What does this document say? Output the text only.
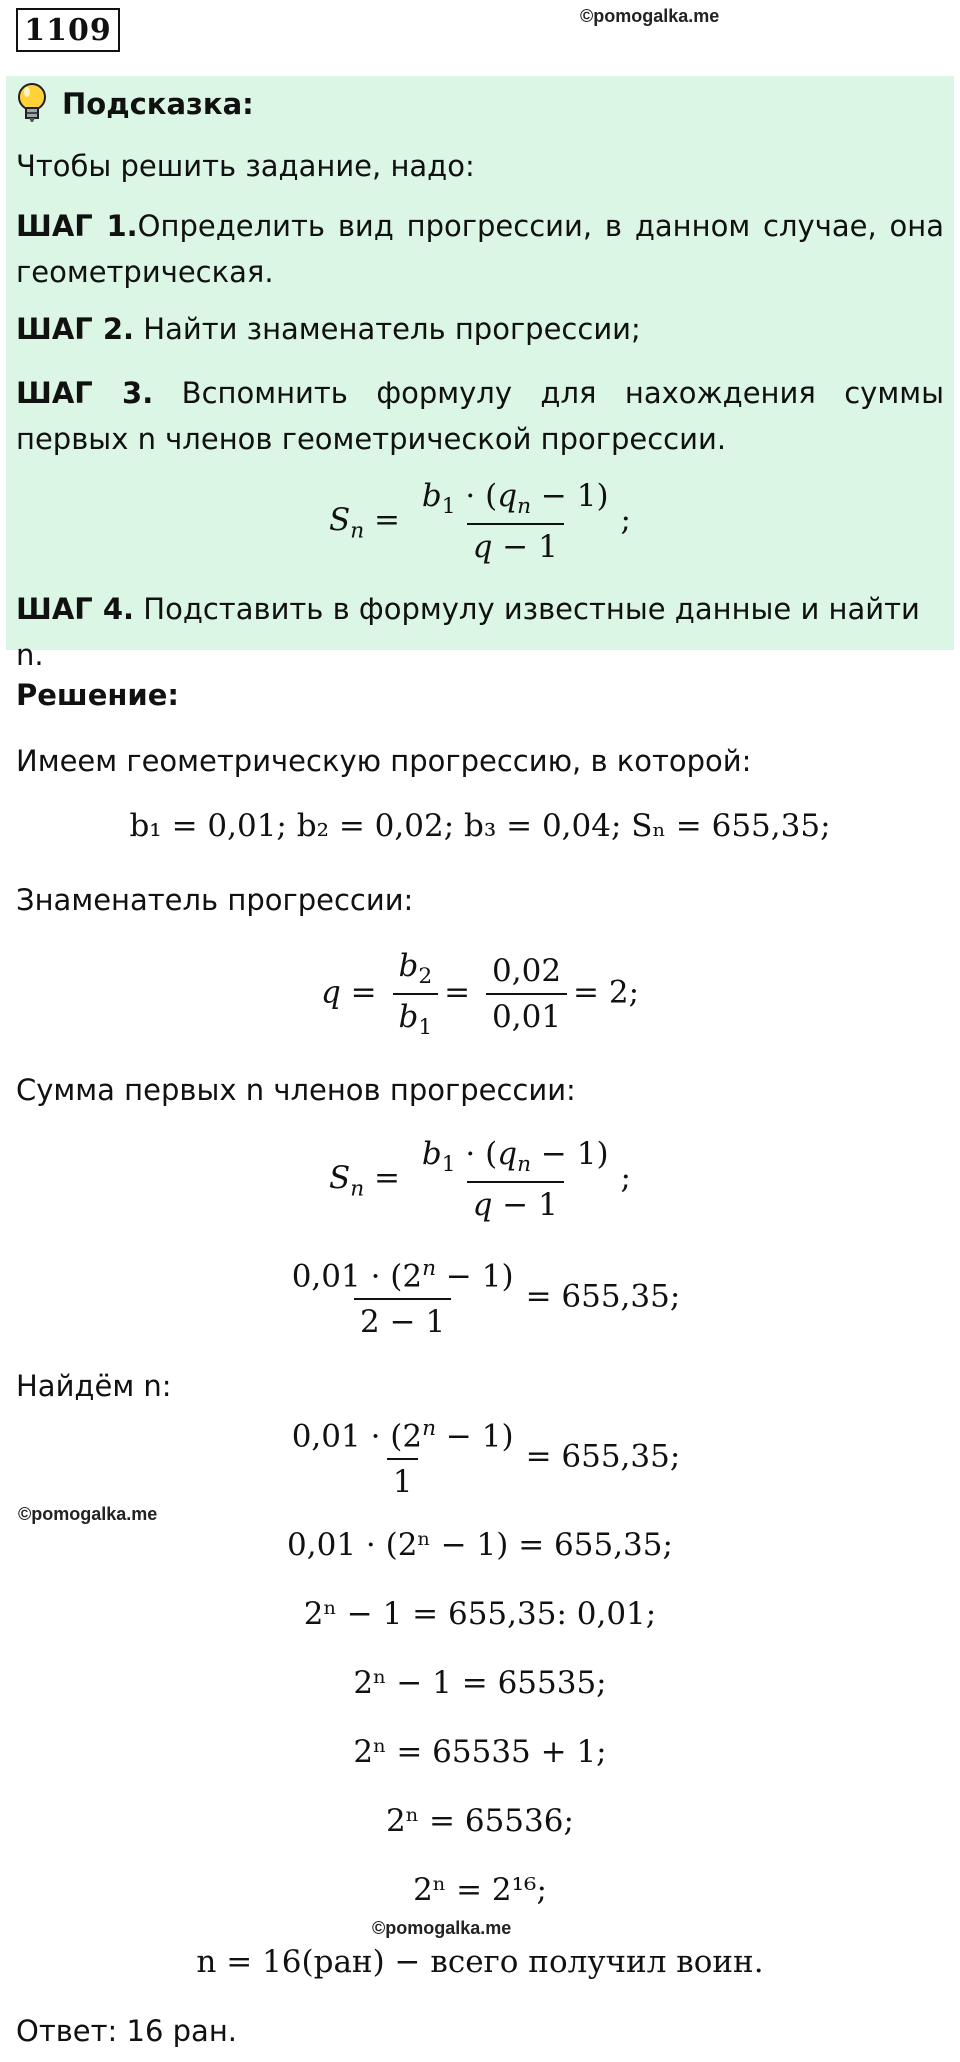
1109	©pomogalka.me
Подсказка:
Чтобы решить задание, надо:
ШАГ 1.Определить вид прогрессии, в данном случае, она геометрическая.
ШАГ 2. Найти знаменатель прогрессии;
ШАГ 3. Вспомнить формулу для нахождения суммы первых n членов геометрической прогрессии.
$S_n = \frac{b_1 \cdot (q_n - 1)}{q - 1}$ ;
ШАГ 4. Подставить в формулу известные данные и найти n.
Решение:
Имеем геометрическую прогрессию, в которой:
b₁ = 0,01; b₂ = 0,02; b₃ = 0,04; Sₙ = 655,35;
Знаменатель прогрессии:
$q = \frac{b_2}{b_1} = \frac{0,02}{0,01} = 2$;
Сумма первых n членов прогрессии:
$S_n = \frac{b_1 \cdot (q_n - 1)}{q - 1}$ ;
$\frac{0,01 \cdot (2^n - 1)}{2 - 1} = 655,35$;
Найдём n:
$\frac{0,01 \cdot (2^n - 1)}{1} = 655,35$;
©pomogalka.me
0,01 · (2ⁿ − 1) = 655,35;
2ⁿ − 1 = 655,35: 0,01;
2ⁿ − 1 = 65535;
2ⁿ = 65535 + 1;
2ⁿ = 65536;
2ⁿ = 2¹⁶;
©pomogalka.me
n = 16(ран) − всего получил воин.
Ответ: 16 ран.
